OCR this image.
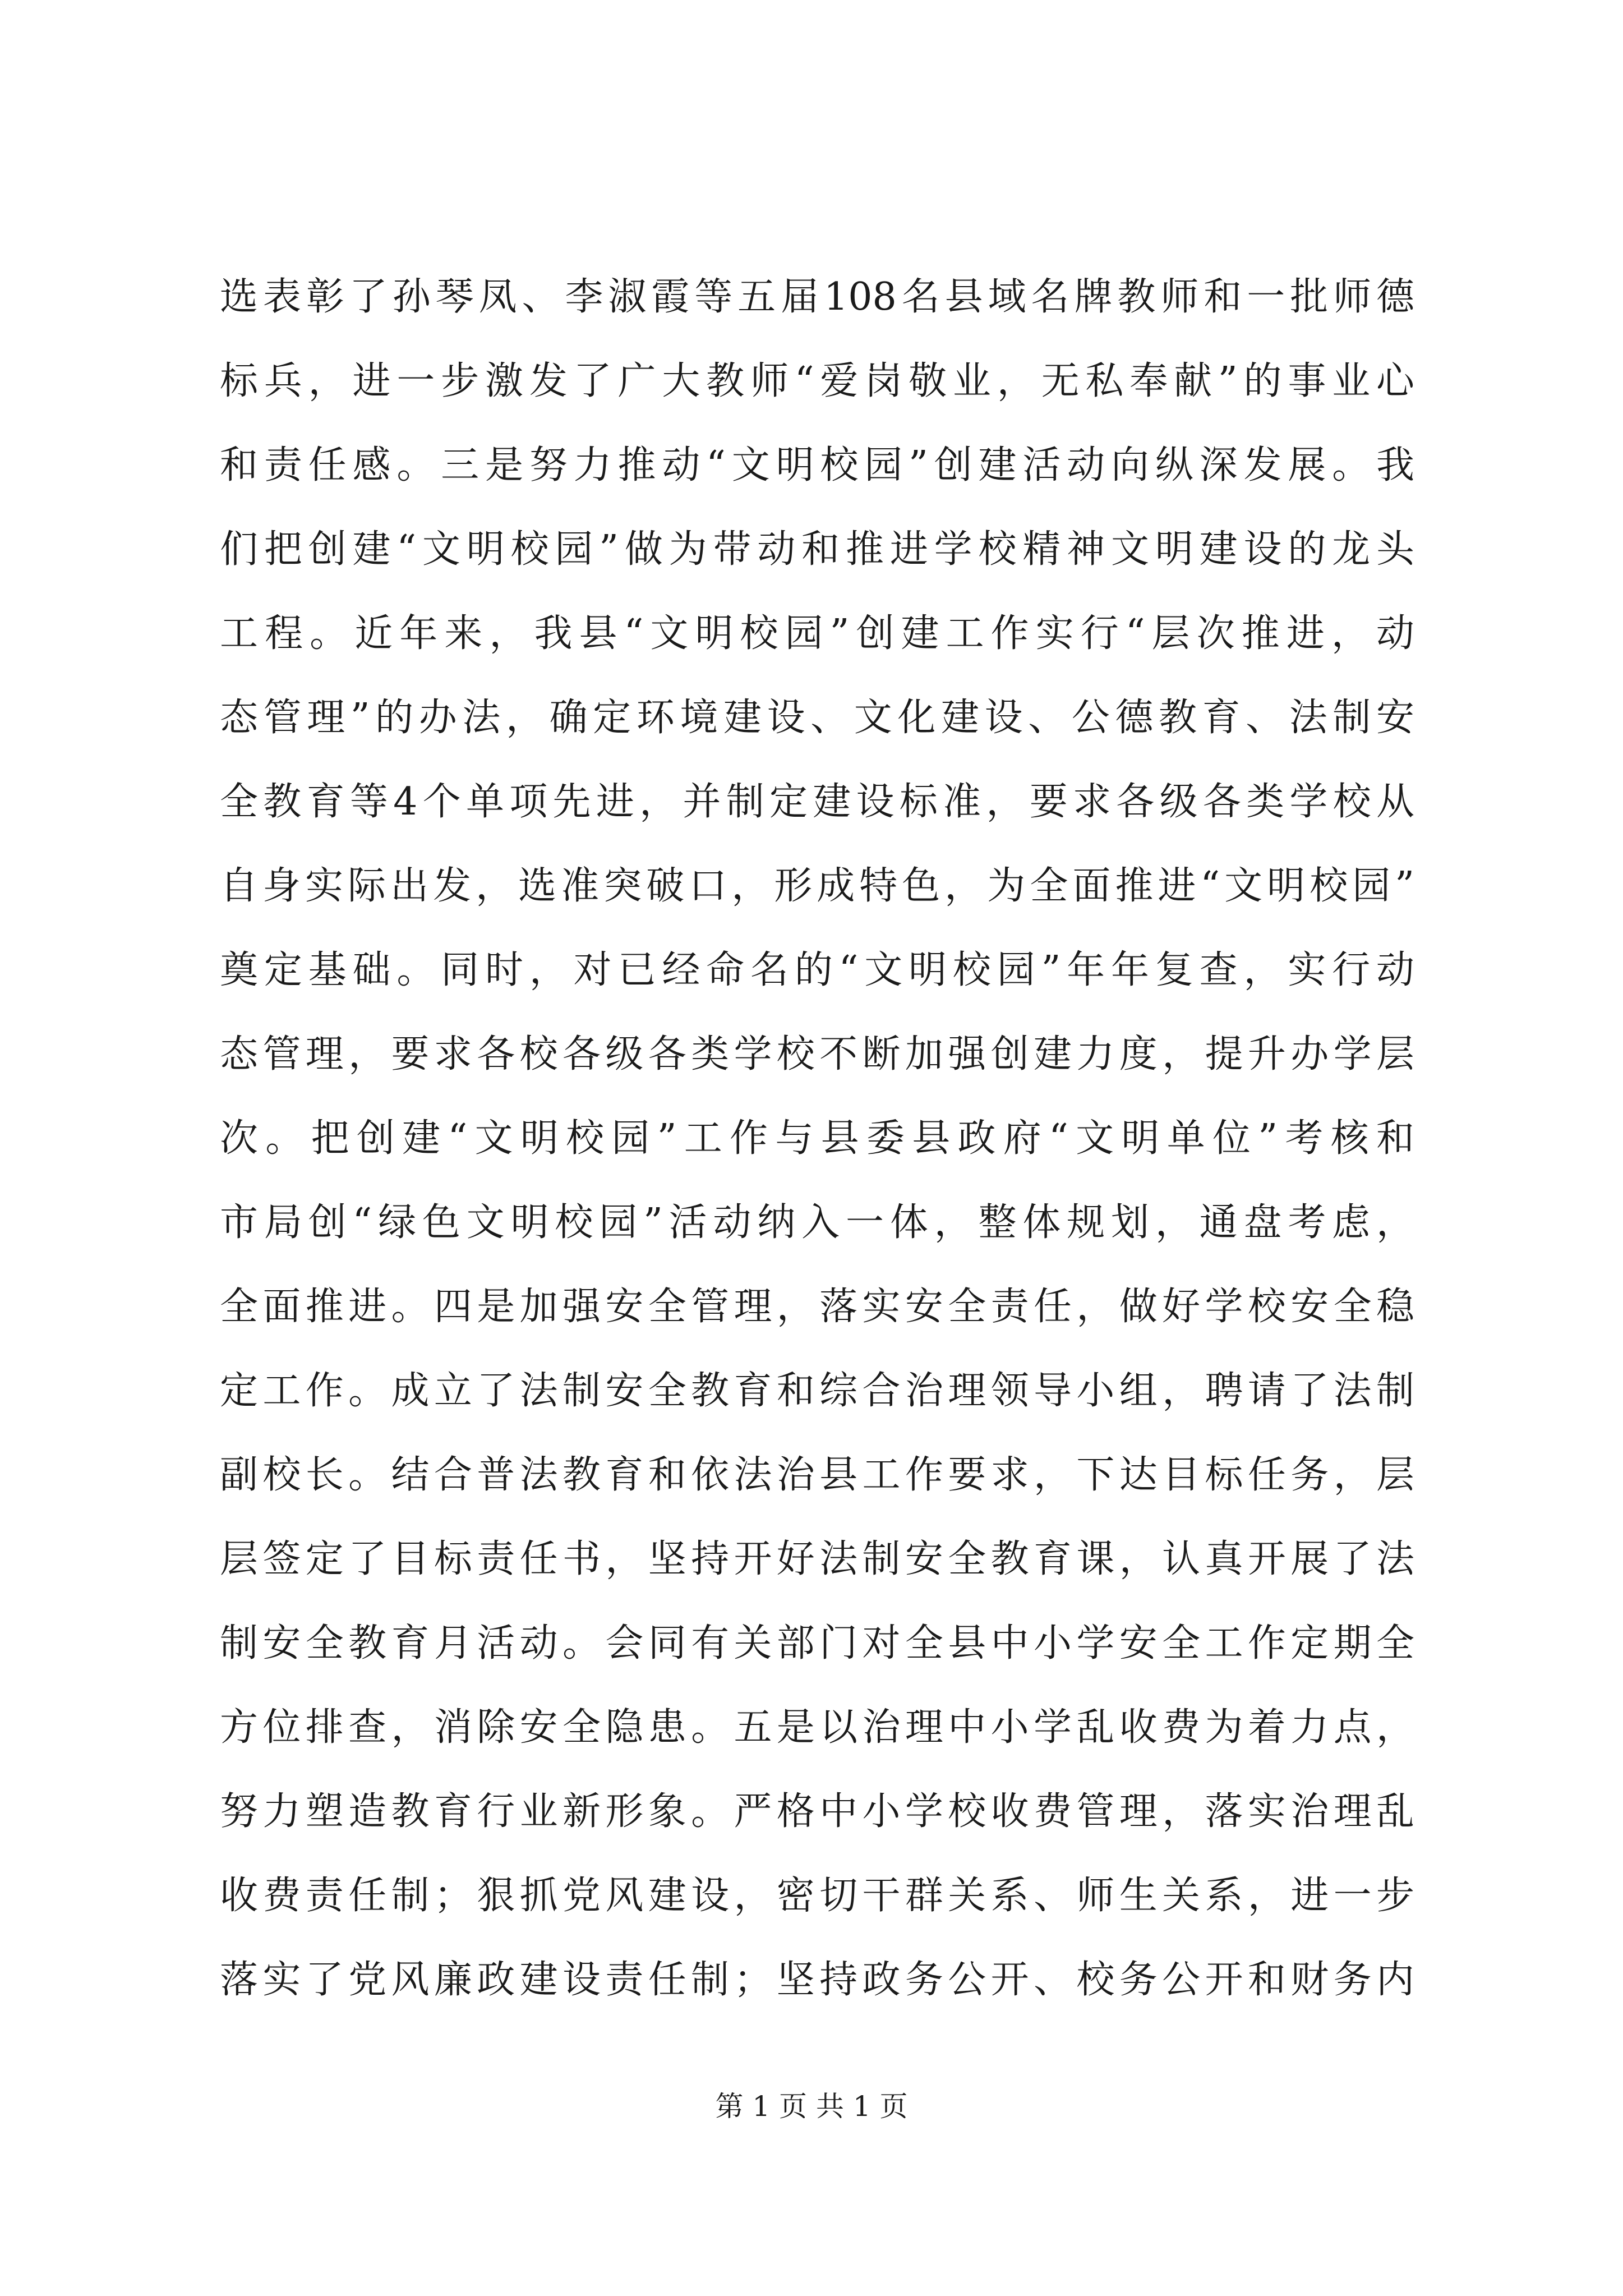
选表彰了孙琴凤、李淑霞等五届108名县域名牌教师和一批师德
标兵，进一步激发了广大教师“爱岗敬业，无私奉献”的事业心
和责任感。三是努力推动“文明校园”创建活动向纵深发展。我
们把创建“文明校园”做为带动和推进学校精神文明建设的龙头
工程。近年来，我县“文明校园”创建工作实行“层次推进，动
态管理”的办法，确定环境建设、文化建设、公德教育、法制安
全教育等4个单项先进，并制定建设标准，要求各级各类学校从
自身实际出发，选准突破口，形成特色，为全面推进“文明校园”
奠定基础。同时，对已经命名的“文明校园”年年复查，实行动
态管理，要求各校各级各类学校不断加强创建力度，提升办学层
次。把创建“文明校园”工作与县委县政府“文明单位”考核和
市局创“绿色文明校园”活动纳入一体，整体规划，通盘考虑，
全面推进。四是加强安全管理，落实安全责任，做好学校安全稳
定工作。成立了法制安全教育和综合治理领导小组，聘请了法制
副校长。结合普法教育和依法治县工作要求，下达目标任务，层
层签定了目标责任书，坚持开好法制安全教育课，认真开展了法
制安全教育月活动。会同有关部门对全县中小学安全工作定期全
方位排查，消除安全隐患。五是以治理中小学乱收费为着力点，
努力塑造教育行业新形象。严格中小学校收费管理，落实治理乱
收费责任制；狠抓党风建设，密切干群关系、师生关系，进一步
落实了党风廉政建设责任制；坚持政务公开、校务公开和财务内
第 1 页 共 1 页
